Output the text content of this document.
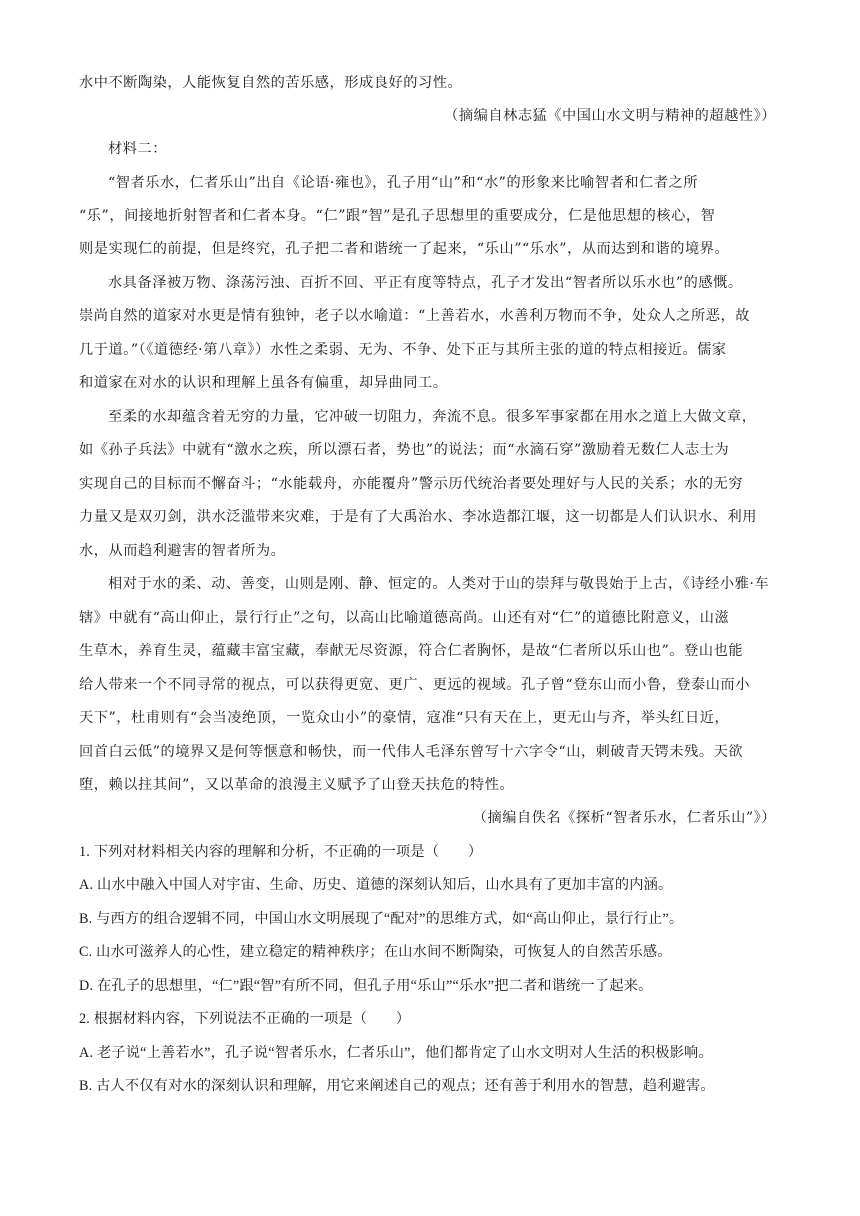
水中不断陶染，人能恢复自然的苦乐感，形成良好的习性。
（摘编自林志猛《中国山水文明与精神的超越性》）
材料二：
“智者乐水，仁者乐山”出自《论语·雍也》，孔子用“山”和“水”的形象来比喻智者和仁者之所
“乐”，间接地折射智者和仁者本身。“仁”跟“智”是孔子思想里的重要成分，仁是他思想的核心，智
则是实现仁的前提，但是终究，孔子把二者和谐统一了起来，“乐山”“乐水”，从而达到和谐的境界。
水具备泽被万物、涤荡污浊、百折不回、平正有度等特点，孔子才发出“智者所以乐水也”的感慨。
崇尚自然的道家对水更是情有独钟，老子以水喻道：“上善若水，水善利万物而不争，处众人之所恶，故
几于道。”（《道德经·第八章》）水性之柔弱、无为、不争、处下正与其所主张的道的特点相接近。儒家
和道家在对水的认识和理解上虽各有偏重，却异曲同工。
至柔的水却蕴含着无穷的力量，它冲破一切阻力，奔流不息。很多军事家都在用水之道上大做文章，
如《孙子兵法》中就有“激水之疾，所以漂石者，势也”的说法；而“水滴石穿”激励着无数仁人志士为
实现自己的目标而不懈奋斗；“水能载舟，亦能覆舟”警示历代统治者要处理好与人民的关系；水的无穷
力量又是双刃剑，洪水泛滥带来灾难，于是有了大禹治水、李冰造都江堰，这一切都是人们认识水、利用
水，从而趋利避害的智者所为。
相对于水的柔、动、善变，山则是刚、静、恒定的。人类对于山的崇拜与敬畏始于上古，《诗经小雅·车
辖》中就有“高山仰止，景行行止”之句，以高山比喻道德高尚。山还有对“仁”的道德比附意义，山滋
生草木，养育生灵，蕴藏丰富宝藏，奉献无尽资源，符合仁者胸怀，是故“仁者所以乐山也”。登山也能
给人带来一个不同寻常的视点，可以获得更宽、更广、更远的视域。孔子曾“登东山而小鲁，登泰山而小
天下”，杜甫则有“会当凌绝顶，一览众山小”的豪情，寇准“只有天在上，更无山与齐，举头红日近，
回首白云低”的境界又是何等惬意和畅快，而一代伟人毛泽东曾写十六字令“山，刺破青天锷未残。天欲
堕，赖以拄其间”，又以革命的浪漫主义赋予了山登天扶危的特性。
（摘编自佚名《探析“智者乐水，仁者乐山”》）
1. 下列对材料相关内容的理解和分析，不正确的一项是（　　）
A. 山水中融入中国人对宇宙、生命、历史、道德的深刻认知后，山水具有了更加丰富的内涵。
B. 与西方的组合逻辑不同，中国山水文明展现了“配对”的思维方式，如“高山仰止，景行行止”。
C. 山水可滋养人的心性，建立稳定的精神秩序；在山水间不断陶染，可恢复人的自然苦乐感。
D. 在孔子的思想里，“仁”跟“智”有所不同，但孔子用“乐山”“乐水”把二者和谐统一了起来。
2. 根据材料内容，下列说法不正确的一项是（　　）
A. 老子说“上善若水”，孔子说“智者乐水，仁者乐山”，他们都肯定了山水文明对人生活的积极影响。
B. 古人不仅有对水的深刻认识和理解，用它来阐述自己的观点；还有善于利用水的智慧，趋利避害。
